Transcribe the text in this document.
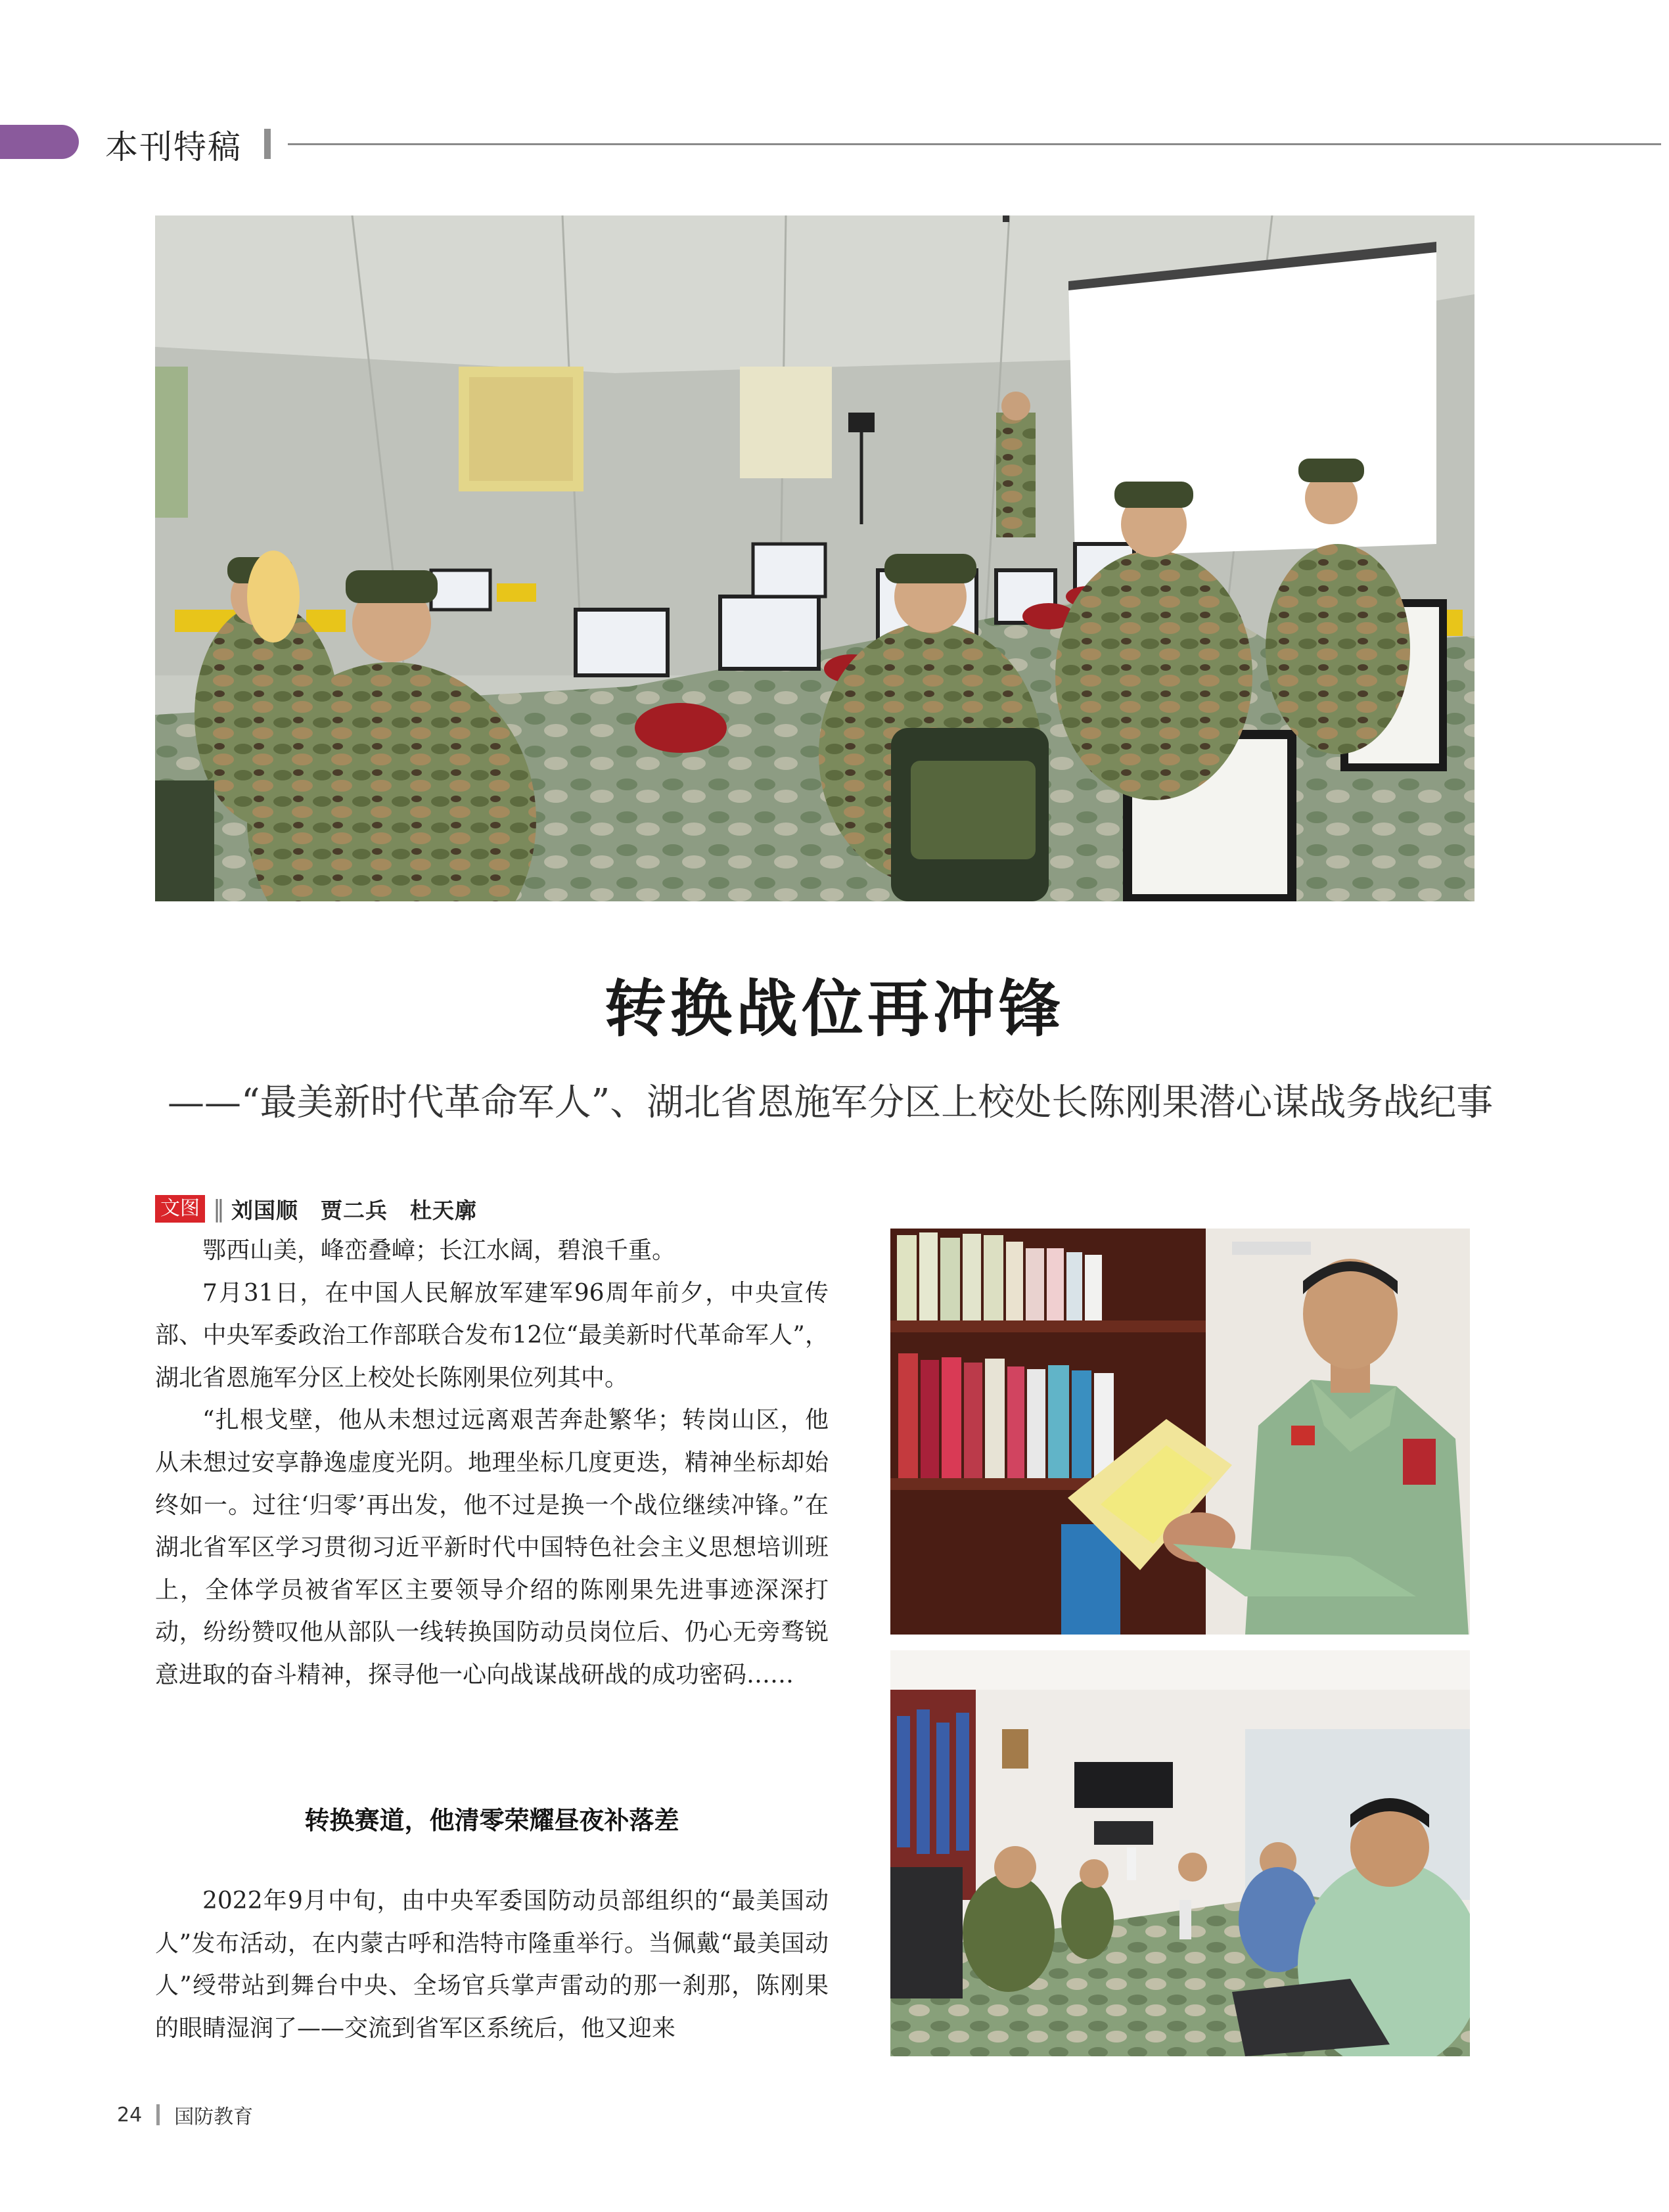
本刊特稿
转换战位再冲锋
——“最美新时代革命军人”、湖北省恩施军分区上校处长陈刚果潜心谋战务战纪事
文图 ‖ 刘国顺　贾二兵　杜天廓

鄂西山美，峰峦叠嶂；长江水阔，碧浪千重。

7月31日，在中国人民解放军建军96周年前夕，中央宣传部、中央军委政治工作部联合发布12位“最美新时代革命军人”，湖北省恩施军分区上校处长陈刚果位列其中。

“扎根戈壁，他从未想过远离艰苦奔赴繁华；转岗山区，他从未想过安享静逸虚度光阴。地理坐标几度更迭，精神坐标却始终如一。过往‘归零’再出发，他不过是换一个战位继续冲锋。”在湖北省军区学习贯彻习近平新时代中国特色社会主义思想培训班上，全体学员被省军区主要领导介绍的陈刚果先进事迹深深打动，纷纷赞叹他从部队一线转换国防动员岗位后、仍心无旁骛锐意进取的奋斗精神，探寻他一心向战谋战研战的成功密码……

转换赛道，他清零荣耀昼夜补落差

2022年9月中旬，由中央军委国防动员部组织的“最美国动人”发布活动，在内蒙古呼和浩特市隆重举行。当佩戴“最美国动人”绶带站到舞台中央、全场官兵掌声雷动的那一刹那，陈刚果的眼睛湿润了——交流到省军区系统后，他又迎来

24 国防教育
